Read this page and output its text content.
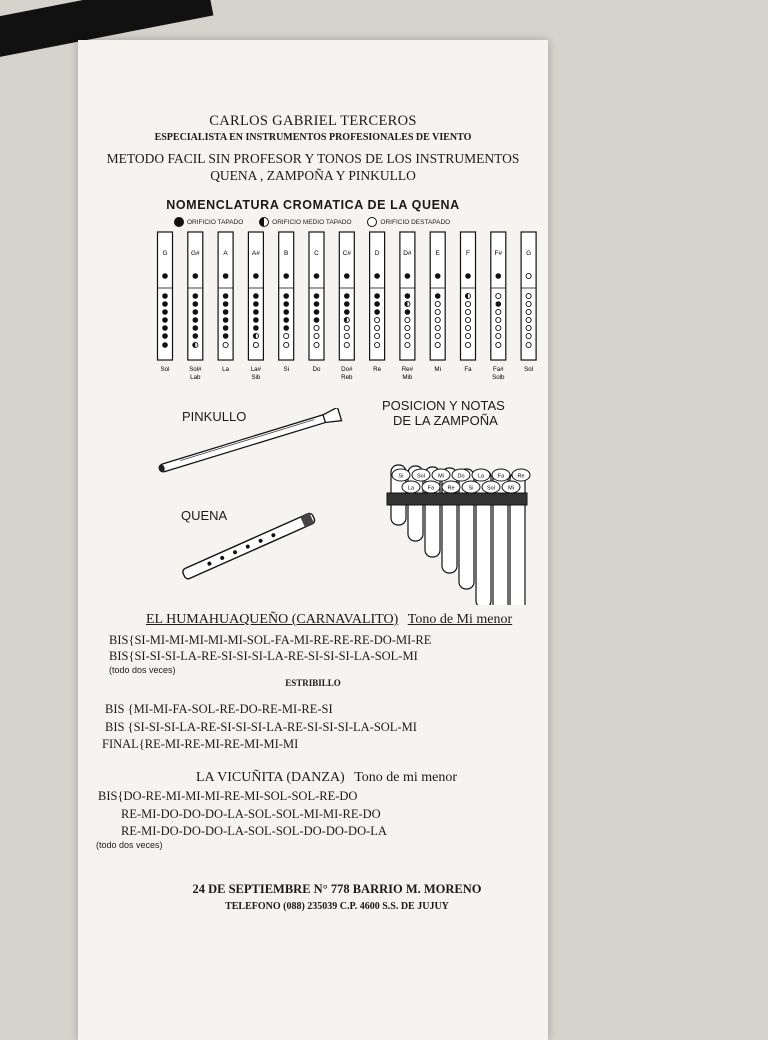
CARLOS GABRIEL TERCEROS
ESPECIALISTA EN INSTRUMENTOS PROFESIONALES DE VIENTO
METODO FACIL SIN PROFESOR Y TONOS DE LOS INSTRUMENTOS
QUENA , ZAMPOÑA Y PINKULLO
NOMENCLATURA CROMATICA DE LA QUENA
ORIFICIO TAPADO
	ORIFICIO MEDIO TAPADO
	ORIFICIO DESTAPADO
G
Sol
G#
Sol#
Lab
A
La
A#
La#
Sib
B
Si
C
Do
C#
Do#
Reb
D
Re
D#
Re#
Mib
E
Mi
F
Fa
F#
Fa#
Solb
G
Sol
PINKULLO
QUENA
POSICION Y NOTAS
DE LA ZAMPOÑA
Si Sol Mi Do La Fa Re
La Fa Re	Si Sol Mi
EL HUMAHUAQUEÑO (CARNAVALITO) Tono de Mi menor
BIS{SI-MI-MI-MI-MI-MI-SOL-FA-MI-RE-RE-RE-DO-MI-RE
BIS{SI-SI-SI-LA-RE-SI-SI-SI-LA-RE-SI-SI-SI-LA-SOL-MI
(todo dos veces)
ESTRIBILLO
BIS {MI-MI-FA-SOL-RE-DO-RE-MI-RE-SI
BIS {SI-SI-SI-LA-RE-SI-SI-SI-LA-RE-SI-SI-SI-LA-SOL-MI
FINAL{RE-MI-RE-MI-RE-MI-MI-MI
LA VICUÑITA (DANZA) Tono de mi menor
BIS{DO-RE-MI-MI-MI-RE-MI-SOL-SOL-RE-DO
RE-MI-DO-DO-DO-LA-SOL-SOL-MI-MI-RE-DO
RE-MI-DO-DO-DO-LA-SOL-SOL-DO-DO-DO-LA
(todo dos veces)
24 DE SEPTIEMBRE N° 778 BARRIO M. MORENO
TELEFONO (088) 235039 C.P. 4600 S.S. DE JUJUY
